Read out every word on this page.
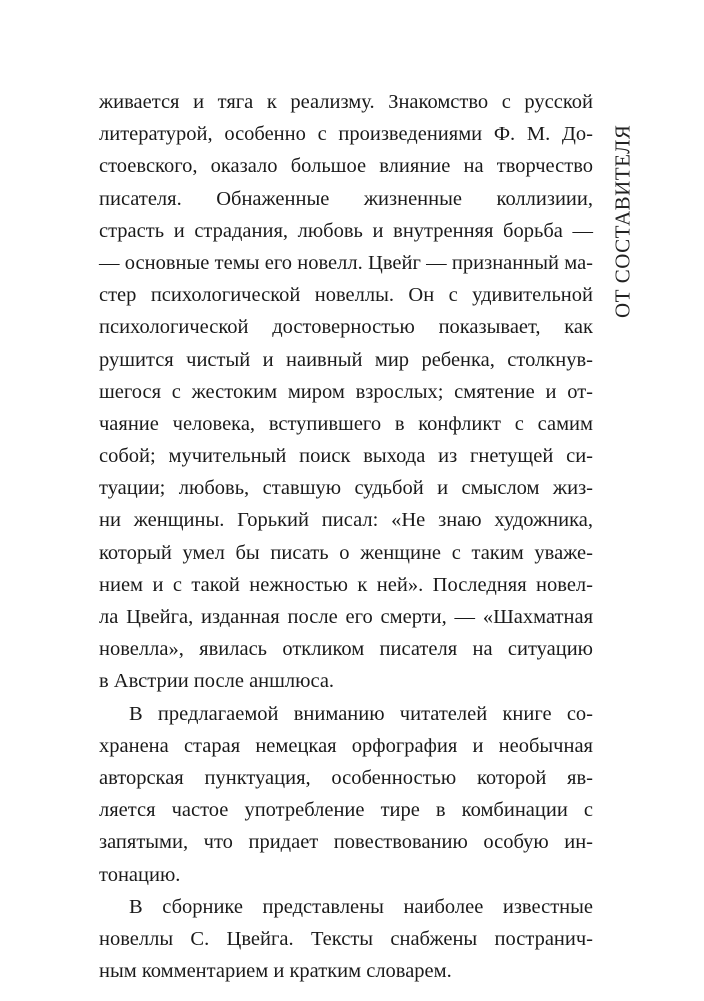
ОТ СОСТАВИТЕЛЯ
живается и тяга к реализму. Знакомство с русской
литературой, особенно с произведениями Ф. М. До-
стоевского, оказало большое влияние на творчество
писателя. Обнаженные жизненные коллизиии,
страсть и страдания, любовь и внутренняя борьба —
— основные темы его новелл. Цвейг — признанный ма-
стер психологической новеллы. Он с удивительной
психологической достоверностью показывает, как
рушится чистый и наивный мир ребенка, столкнув-
шегося с жестоким миром взрослых; смятение и от-
чаяние человека, вступившего в конфликт с самим
собой; мучительный поиск выхода из гнетущей си-
туации; любовь, ставшую судьбой и смыслом жиз-
ни женщины. Горький писал: «Не знаю художника,
который умел бы писать о женщине с таким уваже-
нием и с такой нежностью к ней». Последняя новел-
ла Цвейга, изданная после его смерти, — «Шахматная
новелла», явилась откликом писателя на ситуацию
в Австрии после аншлюса.
В предлагаемой вниманию читателей книге со-
хранена старая немецкая орфография и необычная
авторская пунктуация, особенностью которой яв-
ляется частое употребление тире в комбинации с
запятыми, что придает повествованию особую ин-
тонацию.
В сборнике представлены наиболее известные
новеллы С. Цвейга. Тексты снабжены постранич-
ным комментарием и кратким словарем.
